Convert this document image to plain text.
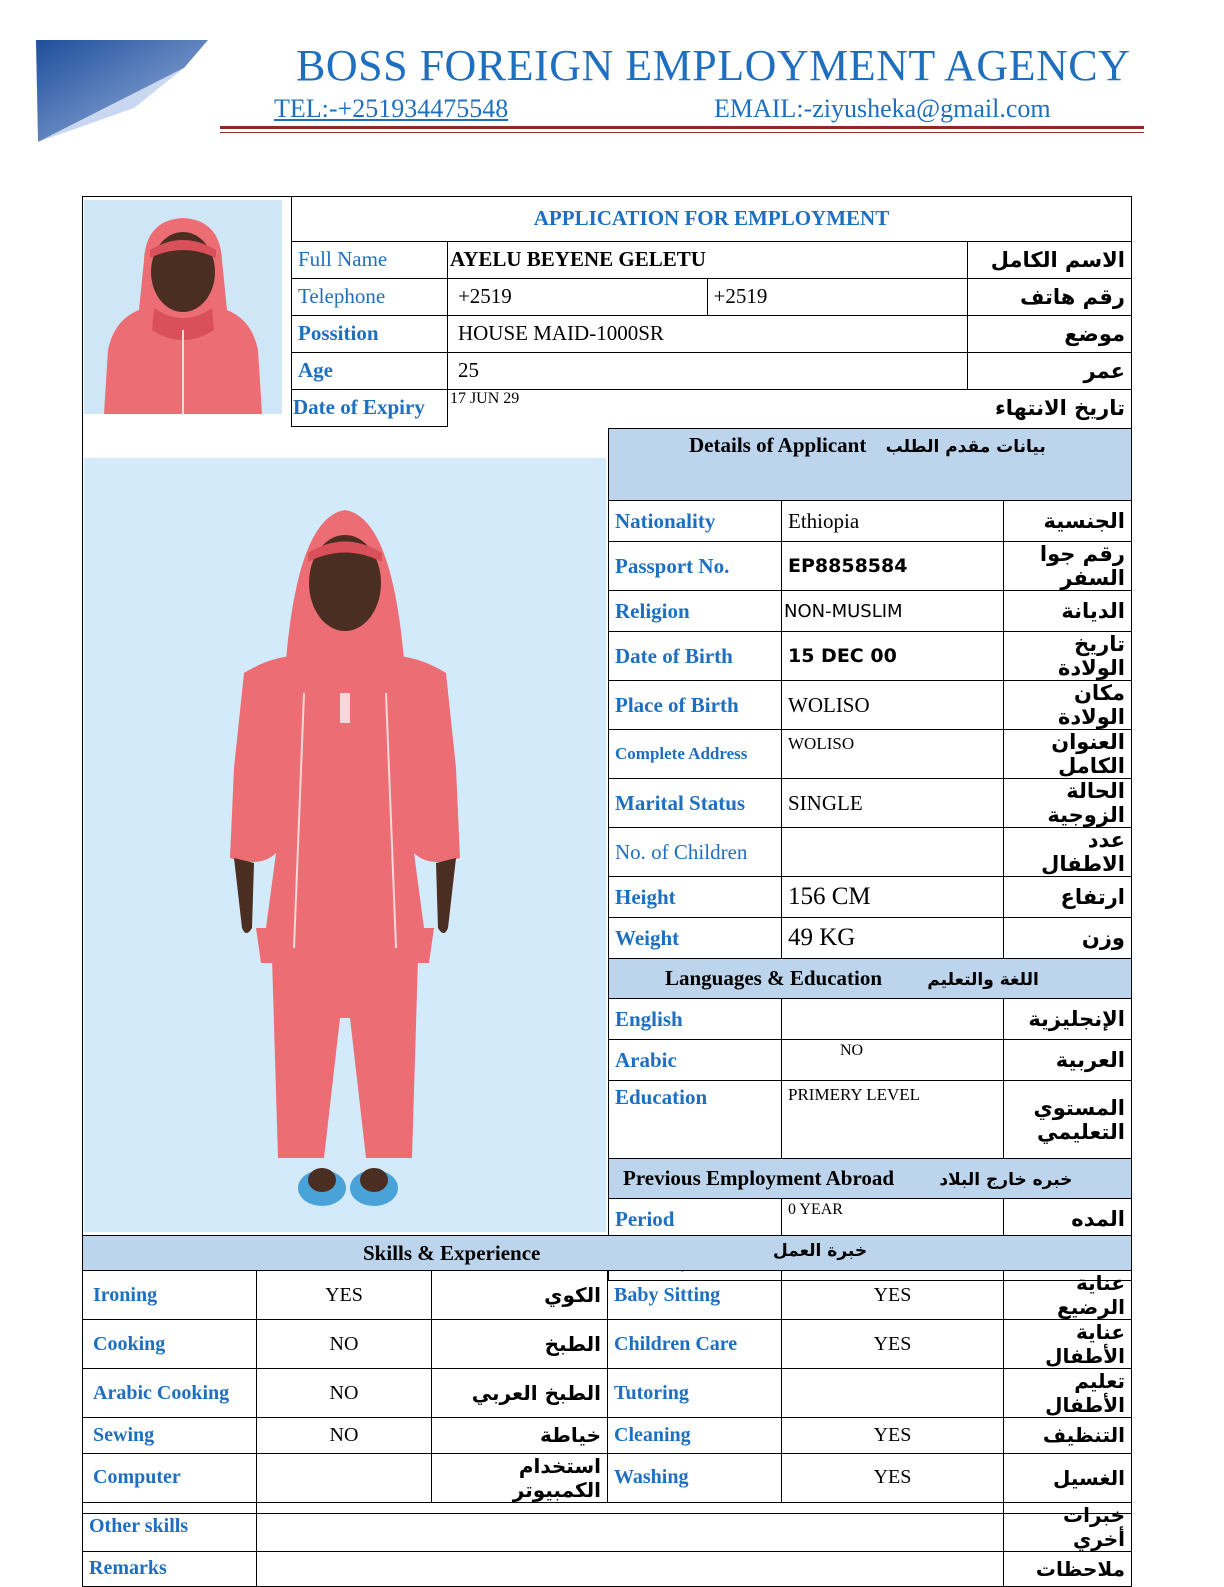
BOSS FOREIGN EMPLOYMENT AGENCY
TEL:-+251934475548	EMAIL:-ziyusheka@gmail.com
APPLICATION FOR EMPLOYMENT			
Full Name	AYELU BEYENE GELETU		الاسم الكامل
Telephone	+2519	+2519	رقم هاتف
Possition	HOUSE MAID-1000SR		موضع
Age	25		عمر
Date of Expiry	17 JUN 29		تاريخ الانتهاء
Details of Applicant بيانات مقدم الطلب		
Nationality	Ethiopia	الجنسية
Passport No.	EP8858584	رقم جوا السفر
Religion	NON-MUSLIM	الديانة
Date of Birth	15 DEC 00	تاريخ الولادة
Place of Birth	WOLISO	مكان الولادة
Complete Address	WOLISO	العنوان الكامل
Marital Status	SINGLE	الحالة الزوجية
No. of Children		عدد الاطفال
Height	156 CM	ارتفاع
Weight	49 KG	وزن
Languages & Education اللغة والتعليم		
English		الإنجليزية
Arabic	NO	العربية
Education	PRIMERY LEVEL	المستوي التعليمي
Previous Employment Abroad خبره خارج البلاد		
Period	0 YEAR	المده
Country		البلد
Skills & Experience خبرة العمل					

Ironing	YES	الكوي	Baby Sitting	YES	عناية الرضيع
Cooking	NO	الطبخ	Children Care	YES	عناية الأطفال
Arabic Cooking	NO	الطبخ العربي	Tutoring		تعليم الأطفال
Sewing	NO	خياطة	Cleaning	YES	التنظيف
Computer		استخدام الكمبيوتر	Washing	YES	الغسيل
Other skills					خبرات أخري
Remarks					ملاحظات
